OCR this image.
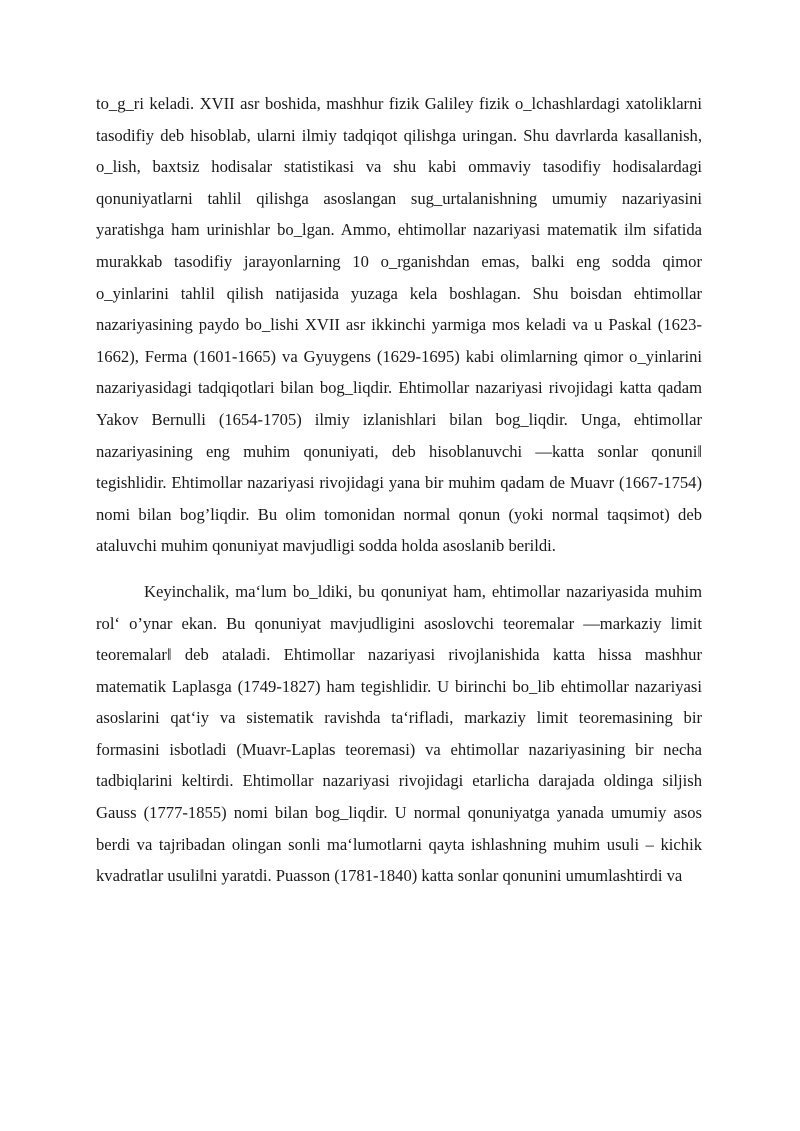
to_g_ri keladi. XVII asr boshida, mashhur fizik Galiley fizik o_lchashlardagi xatoliklarni tasodifiy deb hisoblab, ularni ilmiy tadqiqot qilishga uringan. Shu davrlarda kasallanish, o_lish, baxtsiz hodisalar statistikasi va shu kabi ommaviy tasodifiy hodisalardagi qonuniyatlarni tahlil qilishga asoslangan sug_urtalanishning umumiy nazariyasini yaratishga ham urinishlar bo_lgan. Ammo, ehtimollar nazariyasi matematik ilm sifatida murakkab tasodifiy jarayonlarning 10 o_rganishdan emas, balki eng sodda qimor o_yinlarini tahlil qilish natijasida yuzaga kela boshlagan. Shu boisdan ehtimollar nazariyasining paydo bo_lishi XVII asr ikkinchi yarmiga mos keladi va u Paskal (1623- 1662), Ferma (1601-1665) va Gyuygens (1629-1695) kabi olimlarning qimor o_yinlarini nazariyasidagi tadqiqotlari bilan bog_liqdir. Ehtimollar nazariyasi rivojidagi katta qadam Yakov Bernulli (1654-1705) ilmiy izlanishlari bilan bog_liqdir. Unga, ehtimollar nazariyasining eng muhim qonuniyati, deb hisoblanuvchi ―katta sonlar qonuni‖ tegishlidir. Ehtimollar nazariyasi rivojidagi yana bir muhim qadam de Muavr (1667-1754) nomi bilan bog’liqdir. Bu olim tomonidan normal qonun (yoki normal taqsimot) deb ataluvchi muhim qonuniyat mavjudligi sodda holda asoslanib berildi.

Keyinchalik, ma‘lum bo_ldiki, bu qonuniyat ham, ehtimollar nazariyasida muhim rol‘ o’ynar ekan. Bu qonuniyat mavjudligini asoslovchi teoremalar ―markaziy limit teoremalar‖ deb ataladi. Ehtimollar nazariyasi rivojlanishida katta hissa mashhur matematik Laplasga (1749-1827) ham tegishlidir. U birinchi bo_lib ehtimollar nazariyasi asoslarini qat‘iy va sistematik ravishda ta‘rifladi, markaziy limit teoremasining bir formasini isbotladi (Muavr-Laplas teoremasi) va ehtimollar nazariyasining bir necha tadbiqlarini keltirdi. Ehtimollar nazariyasi rivojidagi etarlicha darajada oldinga siljish Gauss (1777-1855) nomi bilan bog_liqdir. U normal qonuniyatga yanada umumiy asos berdi va tajribadan olingan sonli ma‘lumotlarni qayta ishlashning muhim usuli – kichik kvadratlar usuli‖ni yaratdi. Puasson (1781-1840) katta sonlar qonunini umumlashtirdi va
